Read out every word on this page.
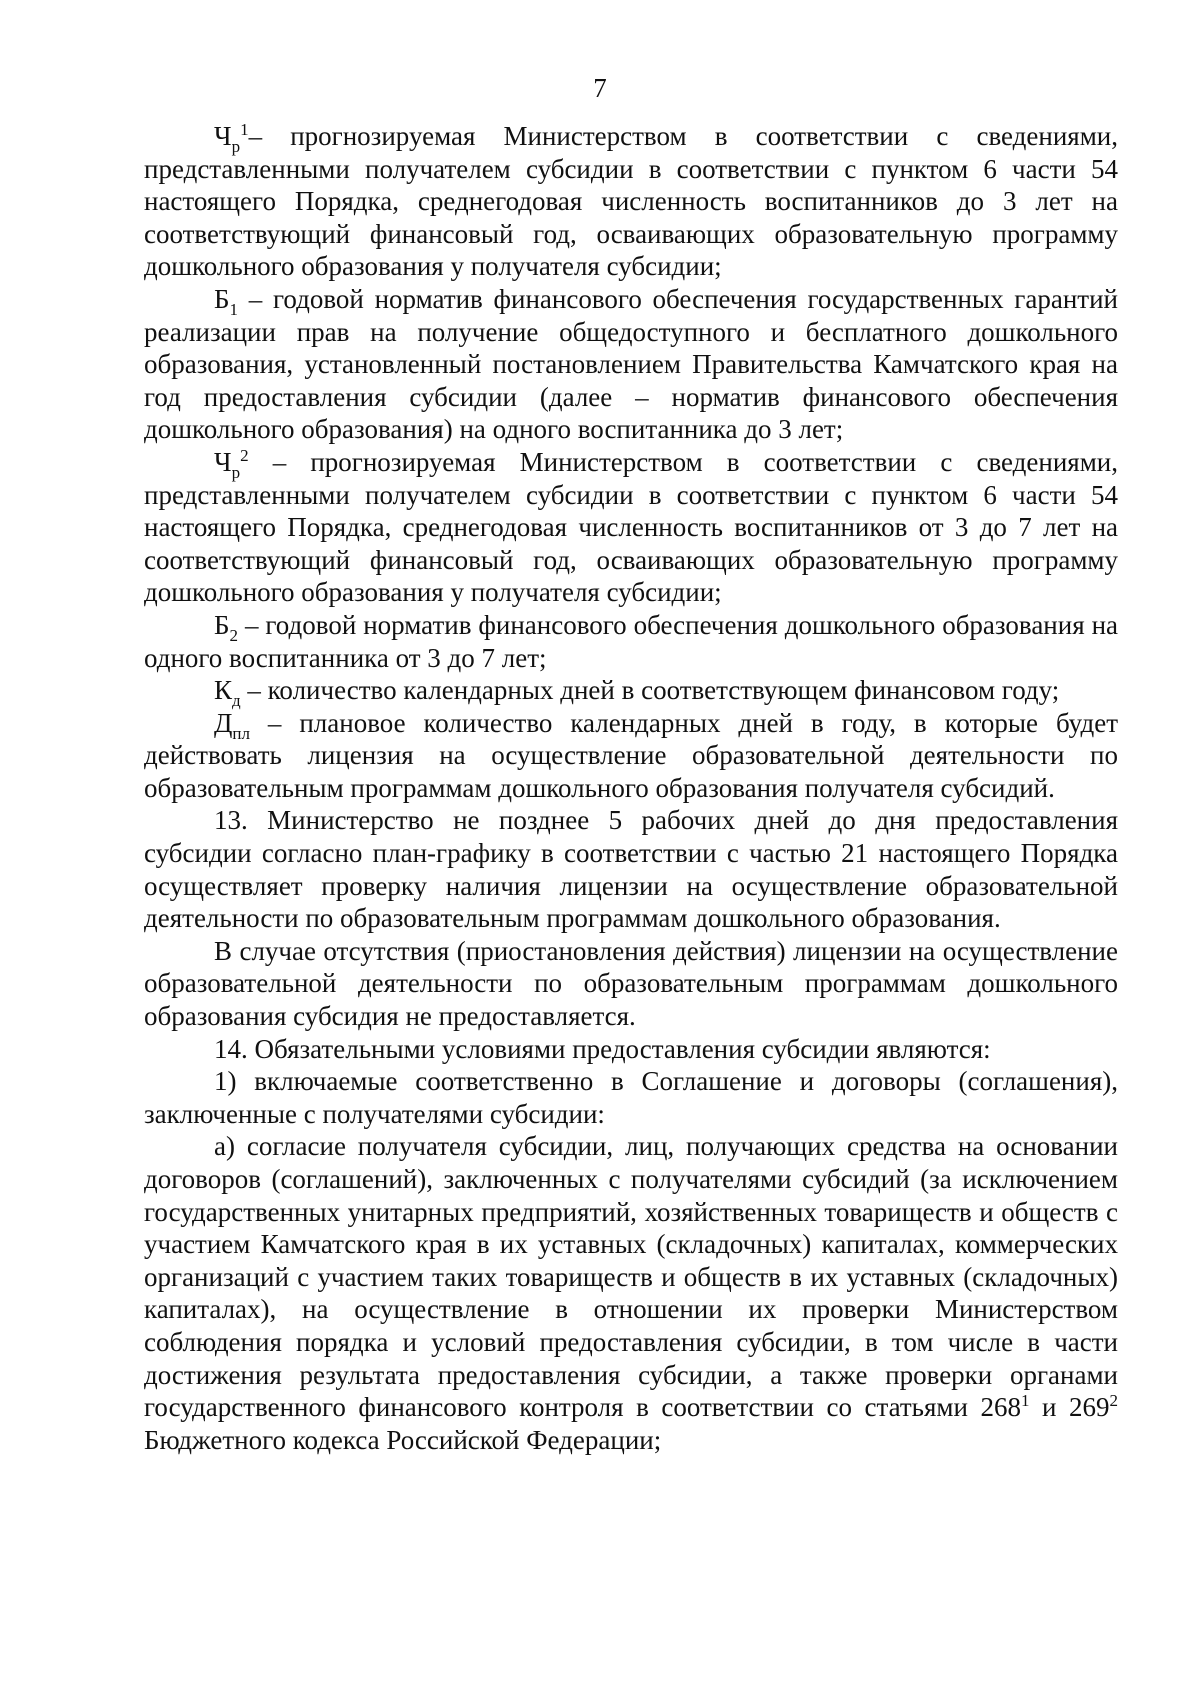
7

$Ч_р^1-$ прогнозируемая Министерством в соответствии с сведениями, представленными получателем субсидии в соответствии с пунктом 6 части 54 настоящего Порядка, среднегодовая численность воспитанников до 3 лет на соответствующий финансовый год, осваивающих образовательную программу дошкольного образования у получателя субсидии;

$Б_1$ – годовой норматив финансового обеспечения государственных гарантий реализации прав на получение общедоступного и бесплатного дошкольного образования, установленный постановлением Правительства Камчатского края на год предоставления субсидии (далее – норматив финансового обеспечения дошкольного образования) на одного воспитанника до 3 лет;

$Ч_р^2$ – прогнозируемая Министерством в соответствии с сведениями, представленными получателем субсидии в соответствии с пунктом 6 части 54 настоящего Порядка, среднегодовая численность воспитанников от 3 до 7 лет на соответствующий финансовый год, осваивающих образовательную программу дошкольного образования у получателя субсидии;

$Б_2$ – годовой норматив финансового обеспечения дошкольного образования на одного воспитанника от 3 до 7 лет;

$К_д$ – количество календарных дней в соответствующем финансовом году;

$Д_{пл}$ – плановое количество календарных дней в году, в которые будет действовать лицензия на осуществление образовательной деятельности по образовательным программам дошкольного образования получателя субсидий.

13. Министерство не позднее 5 рабочих дней до дня предоставления субсидии согласно план-графику в соответствии с частью 21 настоящего Порядка осуществляет проверку наличия лицензии на осуществление образовательной деятельности по образовательным программам дошкольного образования.

В случае отсутствия (приостановления действия) лицензии на осуществление образовательной деятельности по образовательным программам дошкольного образования субсидия не предоставляется.

14. Обязательными условиями предоставления субсидии являются:

1) включаемые соответственно в Соглашение и договоры (соглашения), заключенные с получателями субсидии:

а) согласие получателя субсидии, лиц, получающих средства на основании договоров (соглашений), заключенных с получателями субсидий (за исключением государственных унитарных предприятий, хозяйственных товариществ и обществ с участием Камчатского края в их уставных (складочных) капиталах, коммерческих организаций с участием таких товариществ и обществ в их уставных (складочных) капиталах), на осуществление в отношении их проверки Министерством соблюдения порядка и условий предоставления субсидии, в том числе в части достижения результата предоставления субсидии, а также проверки органами государственного финансового контроля в соответствии со статьями $268^1$ и $269^2$ Бюджетного кодекса Российской Федерации;
